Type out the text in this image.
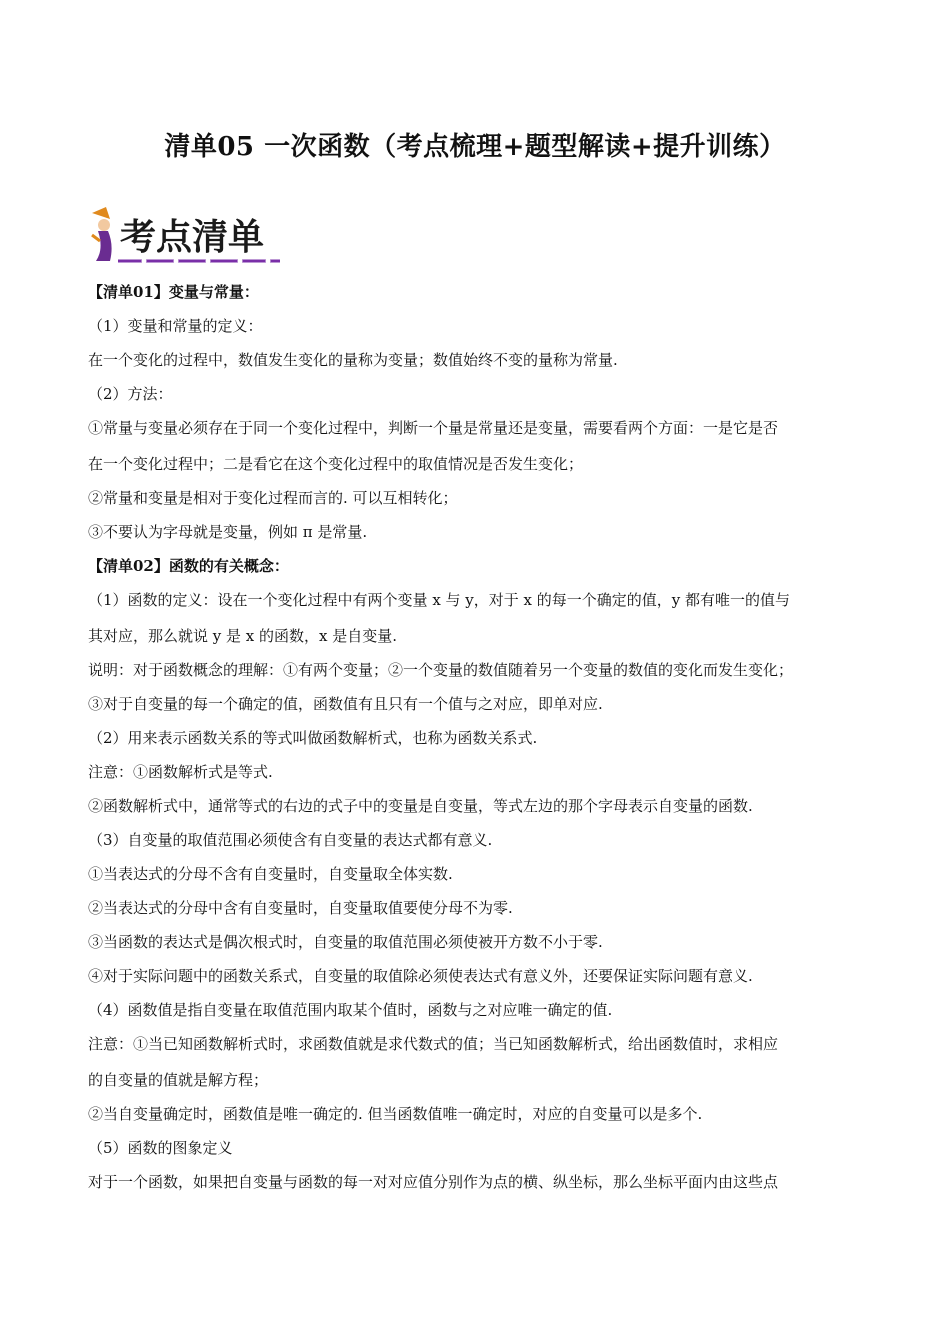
清单05 一次函数（考点梳理+题型解读+提升训练）
考点清单
【清单01】变量与常量：
（1）变量和常量的定义：
在一个变化的过程中，数值发生变化的量称为变量；数值始终不变的量称为常量.
（2）方法：
①常量与变量必须存在于同一个变化过程中，判断一个量是常量还是变量，需要看两个方面：一是它是否
在一个变化过程中；二是看它在这个变化过程中的取值情况是否发生变化；
②常量和变量是相对于变化过程而言的. 可以互相转化；
③不要认为字母就是变量，例如 π 是常量.
【清单02】函数的有关概念：
（1）函数的定义：设在一个变化过程中有两个变量 x 与 y，对于 x 的每一个确定的值，y 都有唯一的值与
其对应，那么就说 y 是 x 的函数，x 是自变量.
说明：对于函数概念的理解：①有两个变量；②一个变量的数值随着另一个变量的数值的变化而发生变化；
③对于自变量的每一个确定的值，函数值有且只有一个值与之对应，即单对应.
（2）用来表示函数关系的等式叫做函数解析式，也称为函数关系式.
注意：①函数解析式是等式.
②函数解析式中，通常等式的右边的式子中的变量是自变量，等式左边的那个字母表示自变量的函数.
（3）自变量的取值范围必须使含有自变量的表达式都有意义.
①当表达式的分母不含有自变量时，自变量取全体实数.
②当表达式的分母中含有自变量时，自变量取值要使分母不为零.
③当函数的表达式是偶次根式时，自变量的取值范围必须使被开方数不小于零.
④对于实际问题中的函数关系式，自变量的取值除必须使表达式有意义外，还要保证实际问题有意义.
（4）函数值是指自变量在取值范围内取某个值时，函数与之对应唯一确定的值.
注意：①当已知函数解析式时，求函数值就是求代数式的值；当已知函数解析式，给出函数值时，求相应
的自变量的值就是解方程；
②当自变量确定时，函数值是唯一确定的. 但当函数值唯一确定时，对应的自变量可以是多个.
（5）函数的图象定义
对于一个函数，如果把自变量与函数的每一对对应值分别作为点的横、纵坐标，那么坐标平面内由这些点
